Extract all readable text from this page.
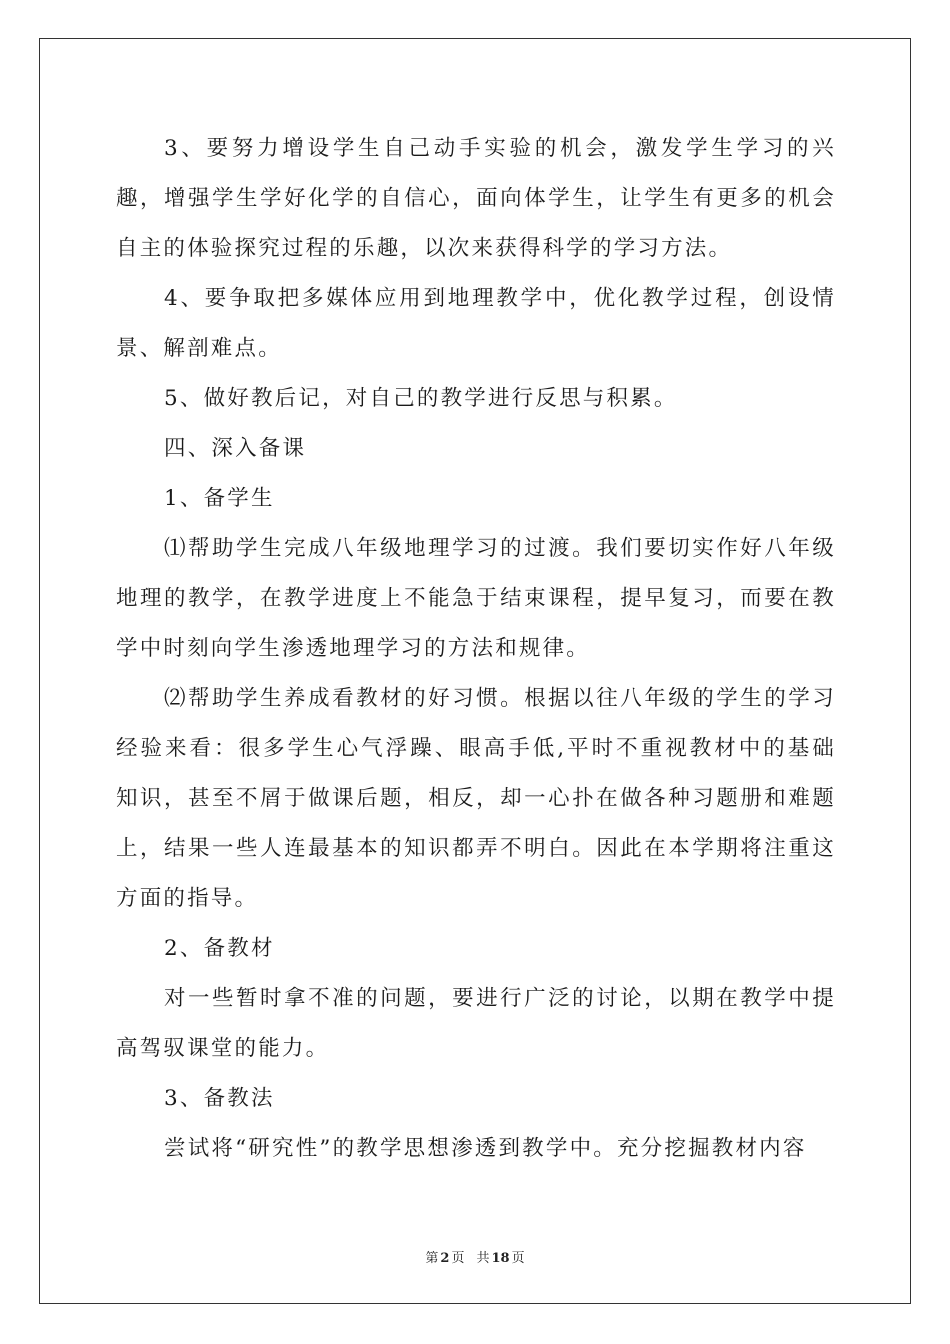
3、要努力增设学生自己动手实验的机会，激发学生学习的兴趣，增强学生学好化学的自信心，面向体学生，让学生有更多的机会自主的体验探究过程的乐趣，以次来获得科学的学习方法。

4、要争取把多媒体应用到地理教学中，优化教学过程，创设情景、解剖难点。

5、做好教后记，对自己的教学进行反思与积累。

四、深入备课

1、备学生

⑴帮助学生完成八年级地理学习的过渡。我们要切实作好八年级地理的教学，在教学进度上不能急于结束课程，提早复习，而要在教学中时刻向学生渗透地理学习的方法和规律。

⑵帮助学生养成看教材的好习惯。根据以往八年级的学生的学习经验来看：很多学生心气浮躁、眼高手低,平时不重视教材中的基础知识，甚至不屑于做课后题，相反，却一心扑在做各种习题册和难题上，结果一些人连最基本的知识都弄不明白。因此在本学期将注重这方面的指导。

2、备教材

对一些暂时拿不准的问题，要进行广泛的讨论，以期在教学中提高驾驭课堂的能力。

3、备教法

尝试将“研究性”的教学思想渗透到教学中。充分挖掘教材内容

第 2 页 共 18 页
